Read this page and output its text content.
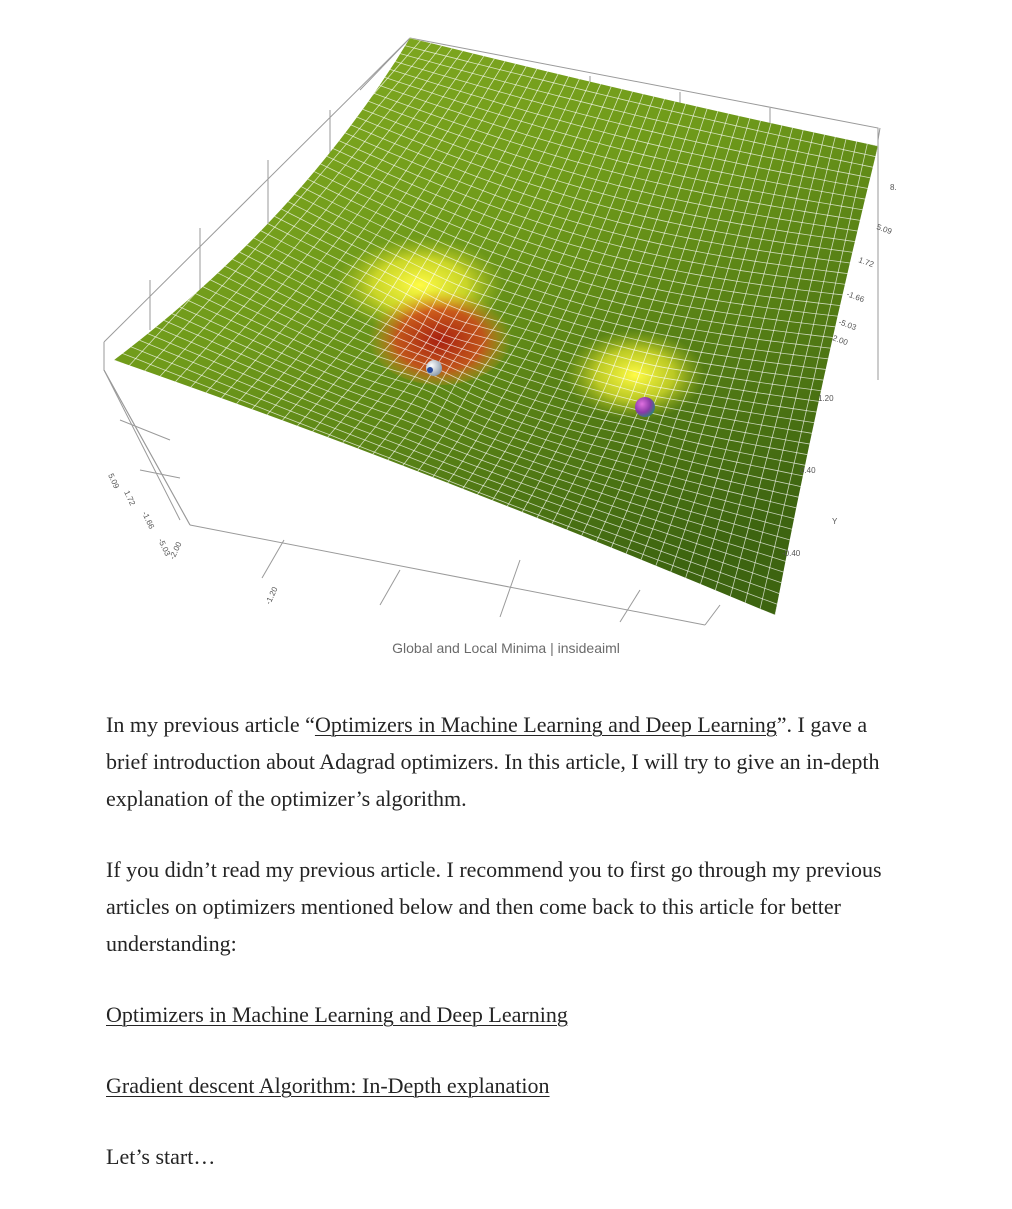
8.
5.09
1.72
-1.66
-5.03
2.00
1.20
0.40
Y
-0.40
5.09
1.72
-1.66
-5.03
-2.00
-1.20
Global and Local Minima | insideaiml

In my previous article “Optimizers in Machine Learning and Deep Learning”. I gave a brief introduction about Adagrad optimizers. In this article, I will try to give an in-depth explanation of the optimizer’s algorithm.

If you didn’t read my previous article. I recommend you to first go through my previous articles on optimizers mentioned below and then come back to this article for better understanding:

Optimizers in Machine Learning and Deep Learning

Gradient descent Algorithm: In-Depth explanation

Let’s start…
